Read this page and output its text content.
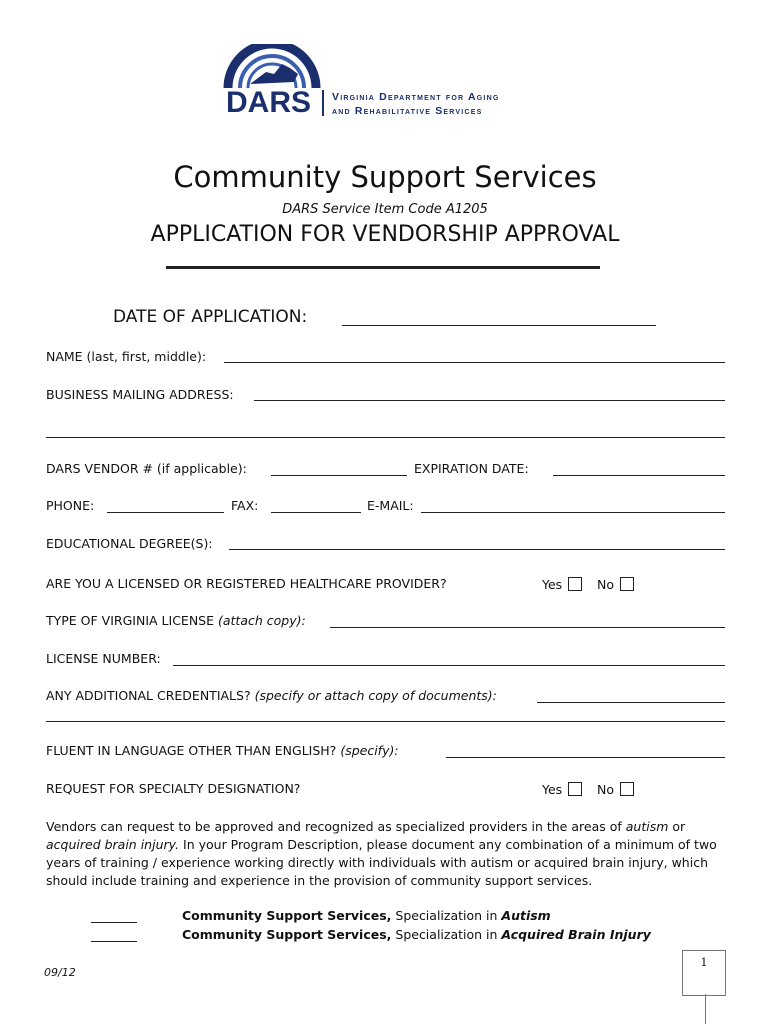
DARS Virginia Department for Aging
and Rehabilitative Services
Community Support Services
DARS Service Item Code A1205
APPLICATION FOR VENDORSHIP APPROVAL
DATE OF APPLICATION:
NAME (last, first, middle):
BUSINESS MAILING ADDRESS:
DARS VENDOR # (if applicable):	EXPIRATION DATE:
PHONE:	FAX:	E-MAIL:
EDUCATIONAL DEGREE(S):
ARE YOU A LICENSED OR REGISTERED HEALTHCARE PROVIDER?	Yes	No
TYPE OF VIRGINIA LICENSE (attach copy):
LICENSE NUMBER:
ANY ADDITIONAL CREDENTIALS? (specify or attach copy of documents):
FLUENT IN LANGUAGE OTHER THAN ENGLISH? (specify):
REQUEST FOR SPECIALTY DESIGNATION?	Yes	No
Vendors can request to be approved and recognized as specialized providers in the areas of autism or acquired brain injury. In your Program Description, please document any combination of a minimum of two years of training / experience working directly with individuals with autism or acquired brain injury, which should include training and experience in the provision of community support services.
Community Support Services, Specialization in Autism
Community Support Services, Specialization in Acquired Brain Injury
09/12
1
